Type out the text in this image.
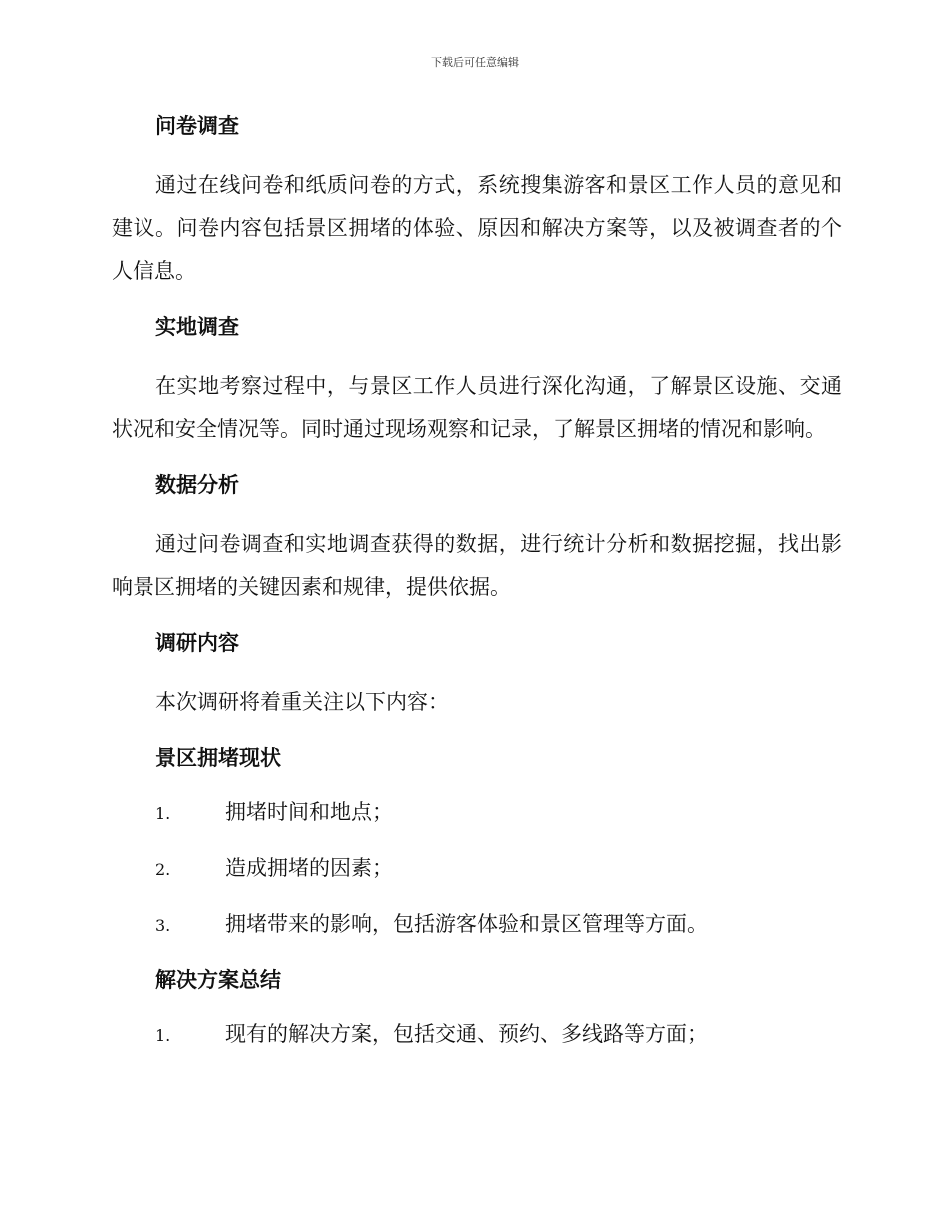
下载后可任意编辑
问卷调查

通过在线问卷和纸质问卷的方式，系统搜集游客和景区工作人员的意见和建议。问卷内容包括景区拥堵的体验、原因和解决方案等，以及被调查者的个人信息。

实地调查

在实地考察过程中，与景区工作人员进行深化沟通，了解景区设施、交通状况和安全情况等。同时通过现场观察和记录，了解景区拥堵的情况和影响。

数据分析

通过问卷调查和实地调查获得的数据，进行统计分析和数据挖掘，找出影响景区拥堵的关键因素和规律，提供依据。

调研内容

本次调研将着重关注以下内容：

景区拥堵现状
1.	拥堵时间和地点；
2.	造成拥堵的因素；
3.	拥堵带来的影响，包括游客体验和景区管理等方面。
解决方案总结
1.	现有的解决方案，包括交通、预约、多线路等方面；
